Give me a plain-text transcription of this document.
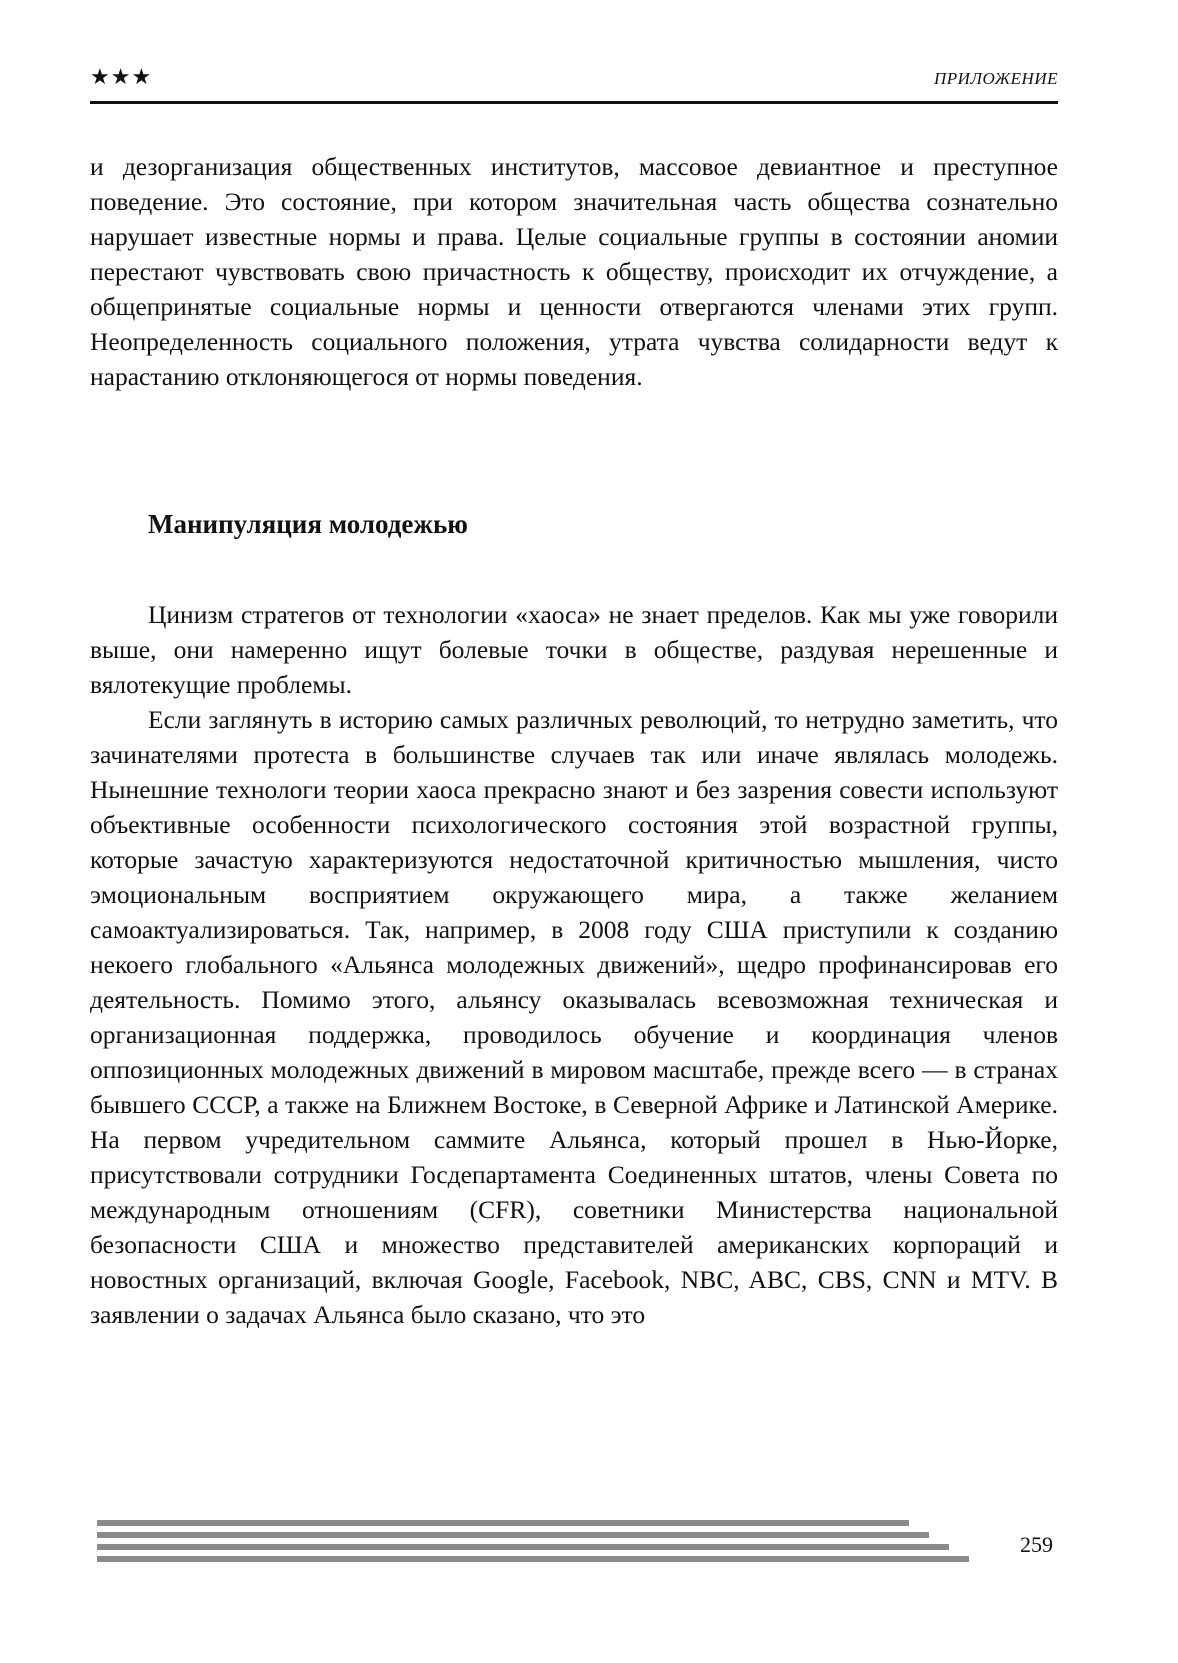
★★★	ПРИЛОЖЕНИЕ

и дезорганизация общественных институтов, массовое девиантное и преступное поведение. Это состояние, при котором значительная часть общества сознательно нарушает известные нормы и права. Целые социальные группы в состоянии аномии перестают чувствовать свою причастность к обществу, происходит их отчуждение, а общепринятые социальные нормы и ценности отвергаются членами этих групп. Неопределенность социального положения, утрата чувства солидарности ведут к нарастанию отклоняющегося от нормы поведения.

Манипуляция молодежью

Цинизм стратегов от технологии «хаоса» не знает пределов. Как мы уже говорили выше, они намеренно ищут болевые точки в обществе, раздувая нерешенные и вялотекущие проблемы.

Если заглянуть в историю самых различных революций, то нетрудно заметить, что зачинателями протеста в большинстве случаев так или иначе являлась молодежь. Нынешние технологи теории хаоса прекрасно знают и без зазрения совести используют объективные особенности психологического состояния этой возрастной группы, которые зачастую характеризуются недостаточной критичностью мышления, чисто эмоциональным восприятием окружающего мира, а также желанием самоактуализироваться. Так, например, в 2008 году США приступили к созданию некоего глобального «Альянса молодежных движений», щедро профинансировав его деятельность. Помимо этого, альянсу оказывалась всевозможная техническая и организационная поддержка, проводилось обучение и координация членов оппозиционных молодежных движений в мировом масштабе, прежде всего — в странах бывшего СССР, а также на Ближнем Востоке, в Северной Африке и Латинской Америке. На первом учредительном саммите Альянса, который прошел в Нью-Йорке, присутствовали сотрудники Госдепартамента Соединенных штатов, члены Совета по международным отношениям (CFR), советники Министерства национальной безопасности США и множество представителей американских корпораций и новостных организаций, включая Google, Facebook, NBC, ABC, CBS, CNN и MTV. В заявлении о задачах Альянса было сказано, что это

259
